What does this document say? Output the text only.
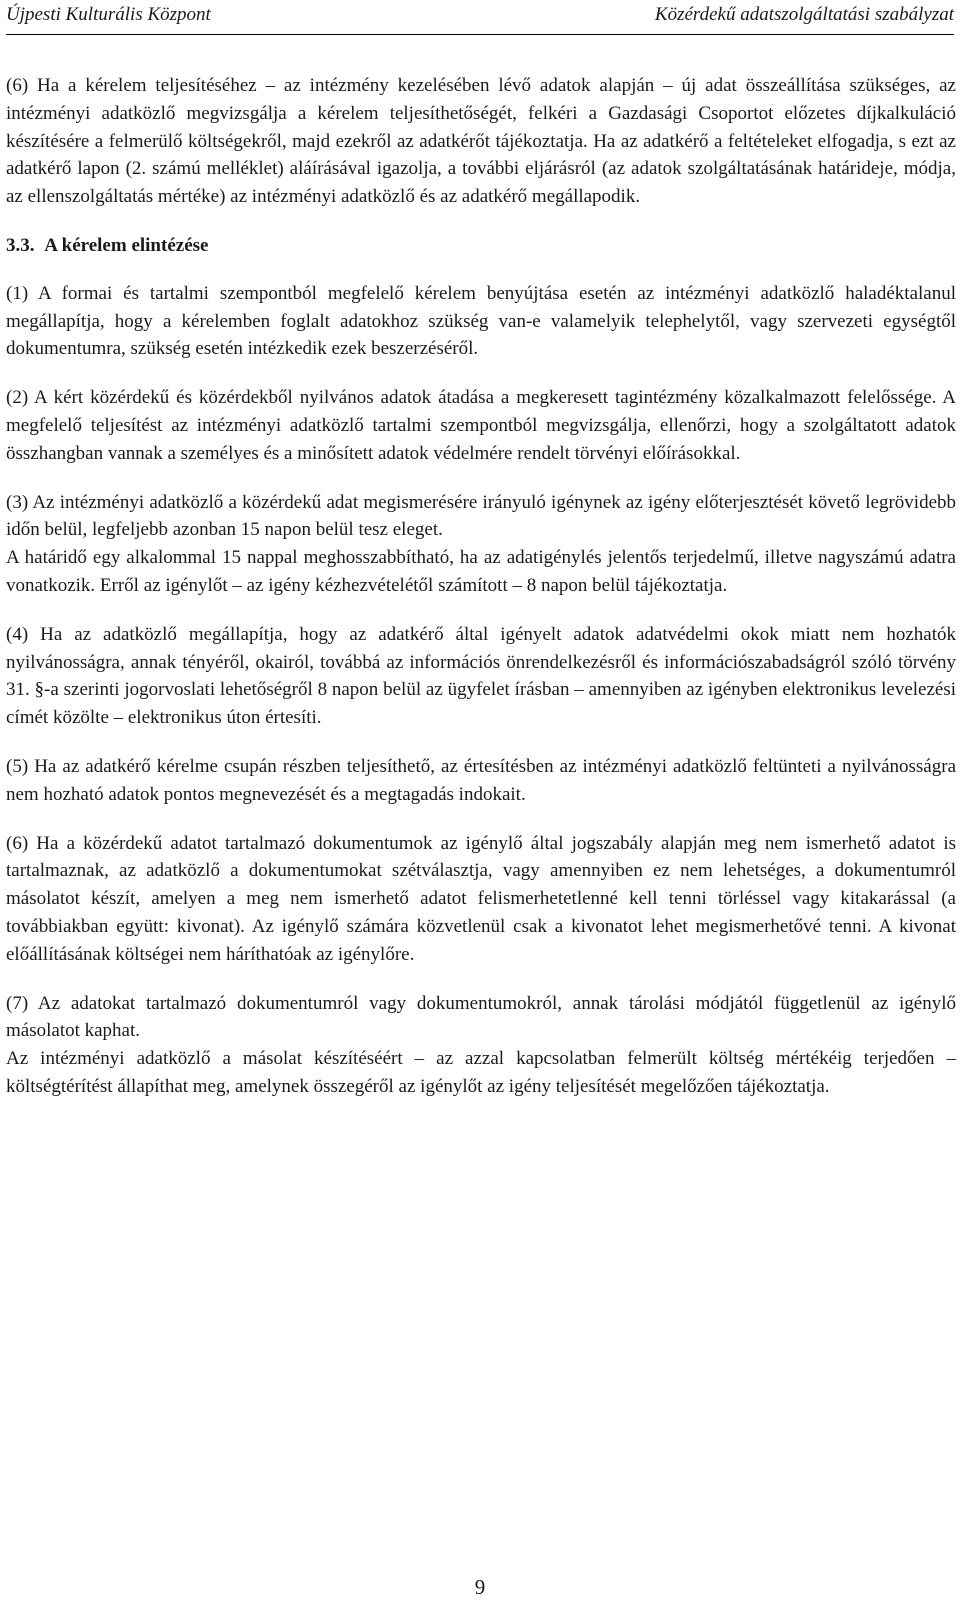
Újpesti Kulturális Központ	Közérdekű adatszolgáltatási szabályzat

(6) Ha a kérelem teljesítéséhez – az intézmény kezelésében lévő adatok alapján – új adat összeállítása szükséges, az intézményi adatközlő megvizsgálja a kérelem teljesíthetőségét, felkéri a Gazdasági Csoportot előzetes díjkalkuláció készítésére a felmerülő költségekről, majd ezekről az adatkérőt tájékoztatja. Ha az adatkérő a feltételeket elfogadja, s ezt az adatkérő lapon (2. számú melléklet) aláírásával igazolja, a további eljárásról (az adatok szolgáltatásának határideje, módja, az ellenszolgáltatás mértéke) az intézményi adatközlő és az adatkérő megállapodik.

3.3. A kérelem elintézése

(1) A formai és tartalmi szempontból megfelelő kérelem benyújtása esetén az intézményi adatközlő haladéktalanul megállapítja, hogy a kérelemben foglalt adatokhoz szükség van-e valamelyik telephelytől, vagy szervezeti egységtől dokumentumra, szükség esetén intézkedik ezek beszerzéséről.

(2) A kért közérdekű és közérdekből nyilvános adatok átadása a megkeresett tagintézmény közalkalmazott felelőssége. A megfelelő teljesítést az intézményi adatközlő tartalmi szempontból megvizsgálja, ellenőrzi, hogy a szolgáltatott adatok összhangban vannak a személyes és a minősített adatok védelmére rendelt törvényi előírásokkal.

(3) Az intézményi adatközlő a közérdekű adat megismerésére irányuló igénynek az igény előterjesztését követő legrövidebb időn belül, legfeljebb azonban 15 napon belül tesz eleget.

A határidő egy alkalommal 15 nappal meghosszabbítható, ha az adatigénylés jelentős terjedelmű, illetve nagyszámú adatra vonatkozik. Erről az igénylőt – az igény kézhezvételétől számított – 8 napon belül tájékoztatja.

(4) Ha az adatközlő megállapítja, hogy az adatkérő által igényelt adatok adatvédelmi okok miatt nem hozhatók nyilvánosságra, annak tényéről, okairól, továbbá az információs önrendelkezésről és információszabadságról szóló törvény 31. §-a szerinti jogorvoslati lehetőségről 8 napon belül az ügyfelet írásban – amennyiben az igényben elektronikus levelezési címét közölte – elektronikus úton értesíti.

(5) Ha az adatkérő kérelme csupán részben teljesíthető, az értesítésben az intézményi adatközlő feltünteti a nyilvánosságra nem hozható adatok pontos megnevezését és a megtagadás indokait.

(6) Ha a közérdekű adatot tartalmazó dokumentumok az igénylő által jogszabály alapján meg nem ismerhető adatot is tartalmaznak, az adatközlő a dokumentumokat szétválasztja, vagy amennyiben ez nem lehetséges, a dokumentumról másolatot készít, amelyen a meg nem ismerhető adatot felismerhetetlenné kell tenni törléssel vagy kitakarással (a továbbiakban együtt: kivonat). Az igénylő számára közvetlenül csak a kivonatot lehet megismerhetővé tenni. A kivonat előállításának költségei nem háríthatóak az igénylőre.

(7) Az adatokat tartalmazó dokumentumról vagy dokumentumokról, annak tárolási módjától függetlenül az igénylő másolatot kaphat.

Az intézményi adatközlő a másolat készítéséért – az azzal kapcsolatban felmerült költség mértékéig terjedően – költségtérítést állapíthat meg, amelynek összegéről az igénylőt az igény teljesítését megelőzően tájékoztatja.

9
